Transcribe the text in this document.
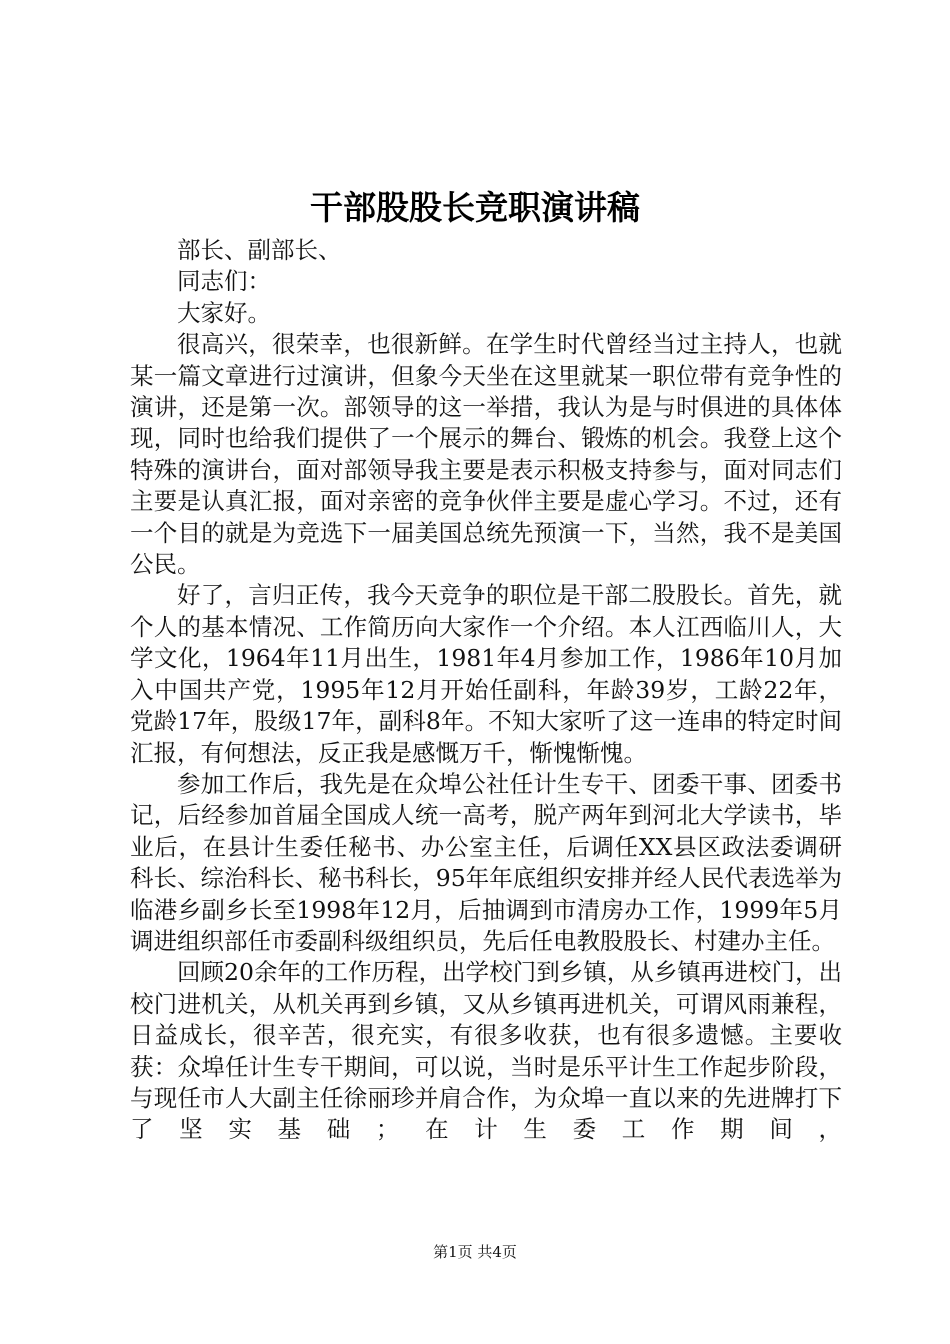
干部股股长竞职演讲稿

部长、副部长、

同志们：

大家好。

很高兴，很荣幸，也很新鲜。在学生时代曾经当过主持人，也就某一篇文章进行过演讲，但象今天坐在这里就某一职位带有竞争性的演讲，还是第一次。部领导的这一举措，我认为是与时俱进的具体体现，同时也给我们提供了一个展示的舞台、锻炼的机会。我登上这个特殊的演讲台，面对部领导我主要是表示积极支持参与，面对同志们主要是认真汇报，面对亲密的竞争伙伴主要是虚心学习。不过，还有一个目的就是为竞选下一届美国总统先预演一下，当然，我不是美国公民。

好了，言归正传，我今天竞争的职位是干部二股股长。首先，就个人的基本情况、工作简历向大家作一个介绍。本人江西临川人，大学文化，1964年11月出生，1981年4月参加工作，1986年10月加入中国共产党，1995年12月开始任副科，年龄39岁，工龄22年，党龄17年，股级17年，副科8年。不知大家听了这一连串的特定时间汇报，有何想法，反正我是感慨万千，惭愧惭愧。

参加工作后，我先是在众埠公社任计生专干、团委干事、团委书记，后经参加首届全国成人统一高考，脱产两年到河北大学读书，毕业后，在县计生委任秘书、办公室主任，后调任XX县区政法委调研科长、综治科长、秘书科长，95年年底组织安排并经人民代表选举为临港乡副乡长至1998年12月，后抽调到市清房办工作，1999年5月调进组织部任市委副科级组织员，先后任电教股股长、村建办主任。

回顾20余年的工作历程，出学校门到乡镇，从乡镇再进校门，出校门进机关，从机关再到乡镇，又从乡镇再进机关，可谓风雨兼程，日益成长，很辛苦，很充实，有很多收获，也有很多遗憾。主要收获：众埠任计生专干期间，可以说，当时是乐平计生工作起步阶段，与现任市人大副主任徐丽珍并肩合作，为众埠一直以来的先进牌打下了坚实基础；在计生委工作期间，

第1页 共4页
